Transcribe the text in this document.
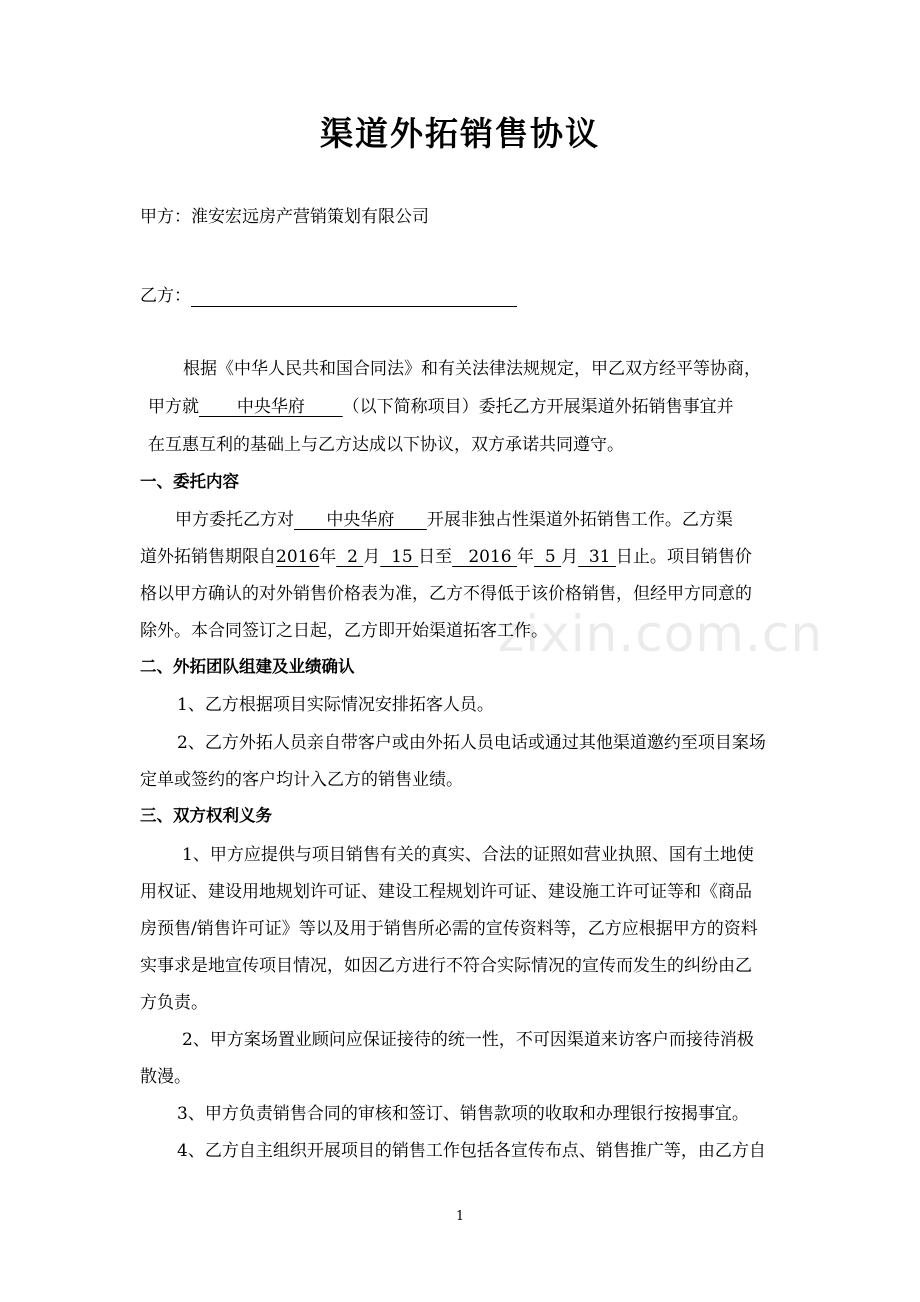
渠道外拓销售协议
甲方：淮安宏远房产营销策划有限公司
乙方：
根据《中华人民共和国合同法》和有关法律法规规定，甲乙双方经平等协商，
甲方就       中央华府       （以下简称项目）委托乙方开展渠道外拓销售事宜并
在互惠互利的基础上与乙方达成以下协议，双方承诺共同遵守。
一、委托内容
甲方委托乙方对      中央华府      开展非独占性渠道外拓销售工作。乙方渠
道外拓销售期限自2016年  2 月  15 日至   2016 年  5 月  31 日止。项目销售价
格以甲方确认的对外销售价格表为准，乙方不得低于该价格销售，但经甲方同意的
除外。本合同签订之日起，乙方即开始渠道拓客工作。
二、外拓团队组建及业绩确认
1、乙方根据项目实际情况安排拓客人员。
2、乙方外拓人员亲自带客户或由外拓人员电话或通过其他渠道邀约至项目案场
定单或签约的客户均计入乙方的销售业绩。
三、双方权利义务
1、甲方应提供与项目销售有关的真实、合法的证照如营业执照、国有土地使
用权证、建设用地规划许可证、建设工程规划许可证、建设施工许可证等和《商品
房预售/销售许可证》等以及用于销售所必需的宣传资料等，乙方应根据甲方的资料
实事求是地宣传项目情况，如因乙方进行不符合实际情况的宣传而发生的纠纷由乙
方负责。
2、甲方案场置业顾问应保证接待的统一性，不可因渠道来访客户而接待消极
散漫。
3、甲方负责销售合同的审核和签订、销售款项的收取和办理银行按揭事宜。
4、乙方自主组织开展项目的销售工作包括各宣传布点、销售推广等，由乙方自
zixin.com.cn
1
